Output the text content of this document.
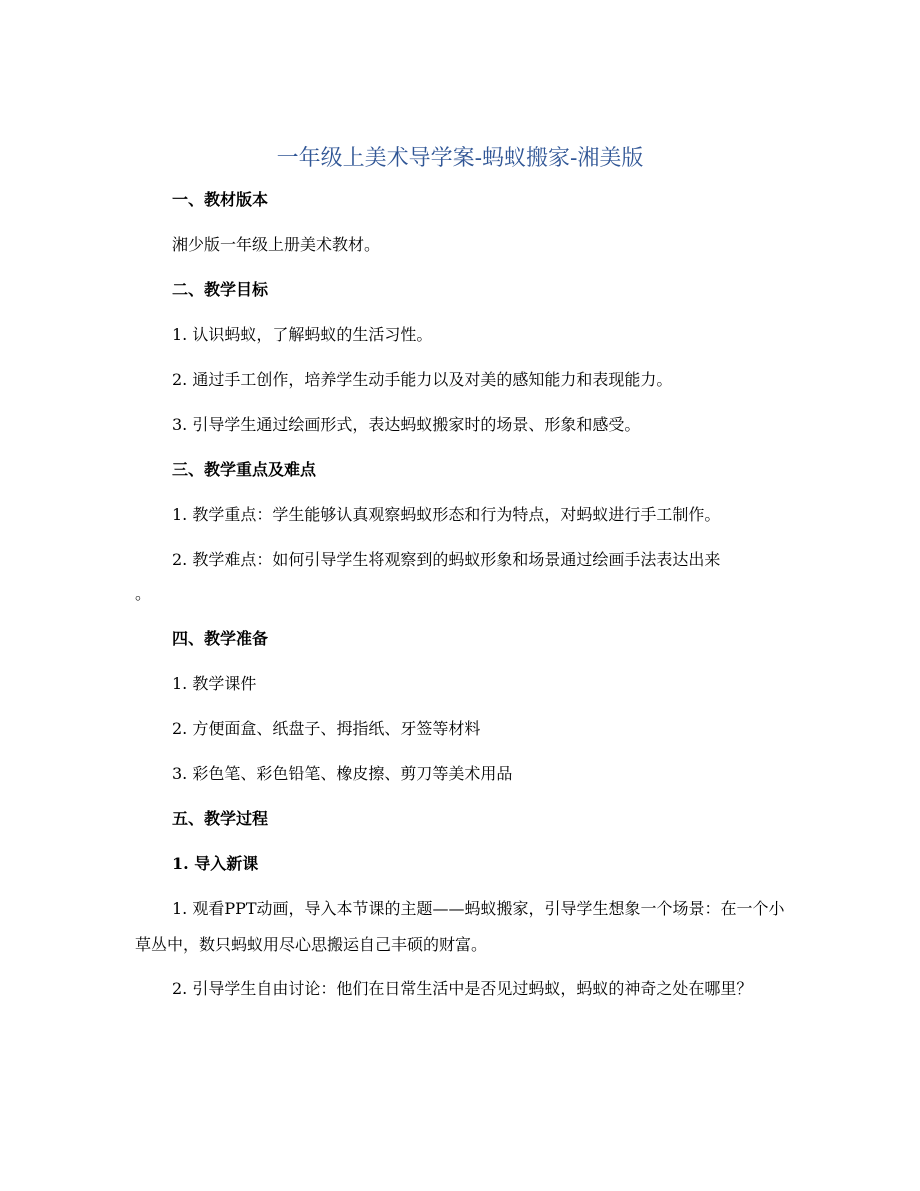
一年级上美术导学案-蚂蚁搬家-湘美版
一、教材版本
湘少版一年级上册美术教材。
二、教学目标
1. 认识蚂蚁，了解蚂蚁的生活习性。
2. 通过手工创作，培养学生动手能力以及对美的感知能力和表现能力。
3. 引导学生通过绘画形式，表达蚂蚁搬家时的场景、形象和感受。
三、教学重点及难点
1. 教学重点：学生能够认真观察蚂蚁形态和行为特点，对蚂蚁进行手工制作。
2. 教学难点：如何引导学生将观察到的蚂蚁形象和场景通过绘画手法表达出来
。
四、教学准备
1. 教学课件
2. 方便面盒、纸盘子、拇指纸、牙签等材料
3. 彩色笔、彩色铅笔、橡皮擦、剪刀等美术用品
五、教学过程
1. 导入新课
1. 观看PPT动画，导入本节课的主题——蚂蚁搬家，引导学生想象一个场景：在一个小草丛中，数只蚂蚁用尽心思搬运自己丰硕的财富。
2. 引导学生自由讨论：他们在日常生活中是否见过蚂蚁，蚂蚁的神奇之处在哪里？
